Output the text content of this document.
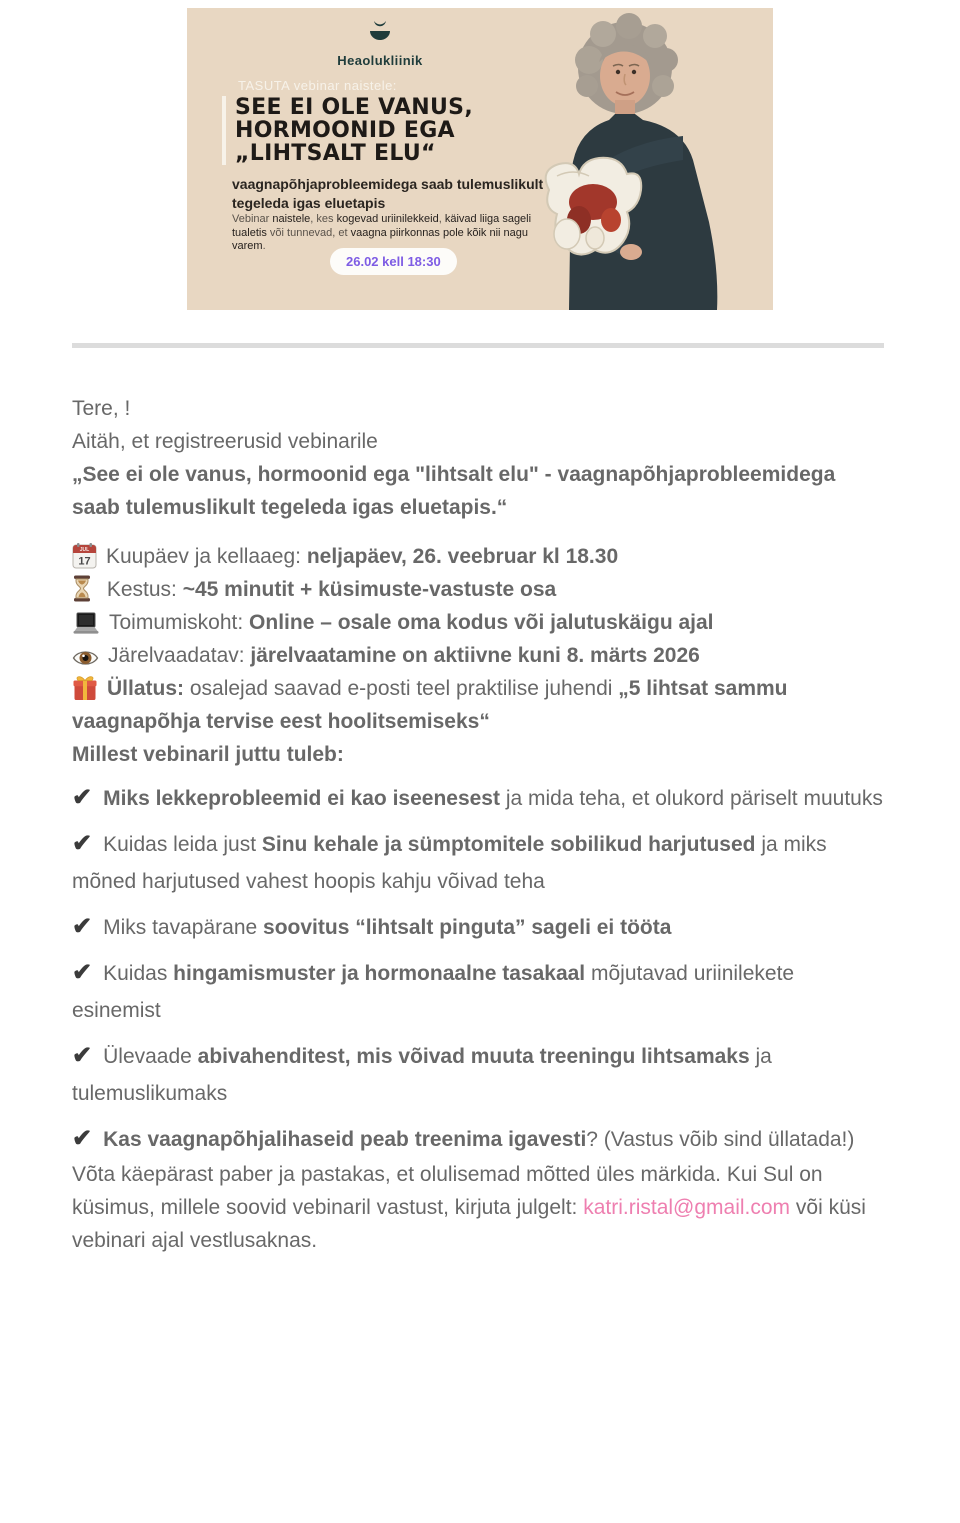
Heaolukliinik
TASUTA vebinar naistele:
SEE EI OLE VANUS,
HORMOONID EGA
„LIHTSALT ELU“
vaagnapõhjaprobleemidega saab tulemuslikult tegeleda igas eluetapis
Vebinar naistele, kes kogevad uriinilekkeid, käivad liiga sageli tualetis või tunnevad, et vaagna piirkonnas pole kõik nii nagu varem.
26.02 kell 18:30

Tere, !

Aitäh, et registreerusid vebinarile
„See ei ole vanus, hormoonid ega "lihtsalt elu" - vaagnapõhjaprobleemidega saab tulemuslikult tegeleda igas eluetapis.“

JUL
17 Kuupäev ja kellaaeg: neljapäev, 26. veebruar kl 18.30

Kestus: ~45 minutit + küsimuste-vastuste osa

Toimumiskoht: Online – osale oma kodus või jalutuskäigu ajal

Järelvaadatav: järelvaatamine on aktiivne kuni 8. märts 2026

Üllatus: osalejad saavad e-posti teel praktilise juhendi „5 lihtsat sammu vaagnapõhja tervise eest hoolitsemiseks“

Millest vebinaril juttu tuleb:

✔ Miks lekkeprobleemid ei kao iseenesest ja mida teha, et olukord päriselt muutuks
✔ Kuidas leida just Sinu kehale ja sümptomitele sobilikud harjutused ja miks mõned harjutused vahest hoopis kahju võivad teha
✔ Miks tavapärane soovitus “lihtsalt pinguta” sageli ei tööta
✔ Kuidas hingamismuster ja hormonaalne tasakaal mõjutavad uriinilekete esinemist
✔ Ülevaade abivahenditest, mis võivad muuta treeningu lihtsamaks ja tulemuslikumaks
✔ Kas vaagnapõhjalihaseid peab treenima igavesti? (Vastus võib sind üllatada!)

Võta käepärast paber ja pastakas, et olulisemad mõtted üles märkida. Kui Sul on küsimus, millele soovid vebinaril vastust, kirjuta julgelt: katri.ristal@gmail.com või küsi vebinari ajal vestlusaknas.
